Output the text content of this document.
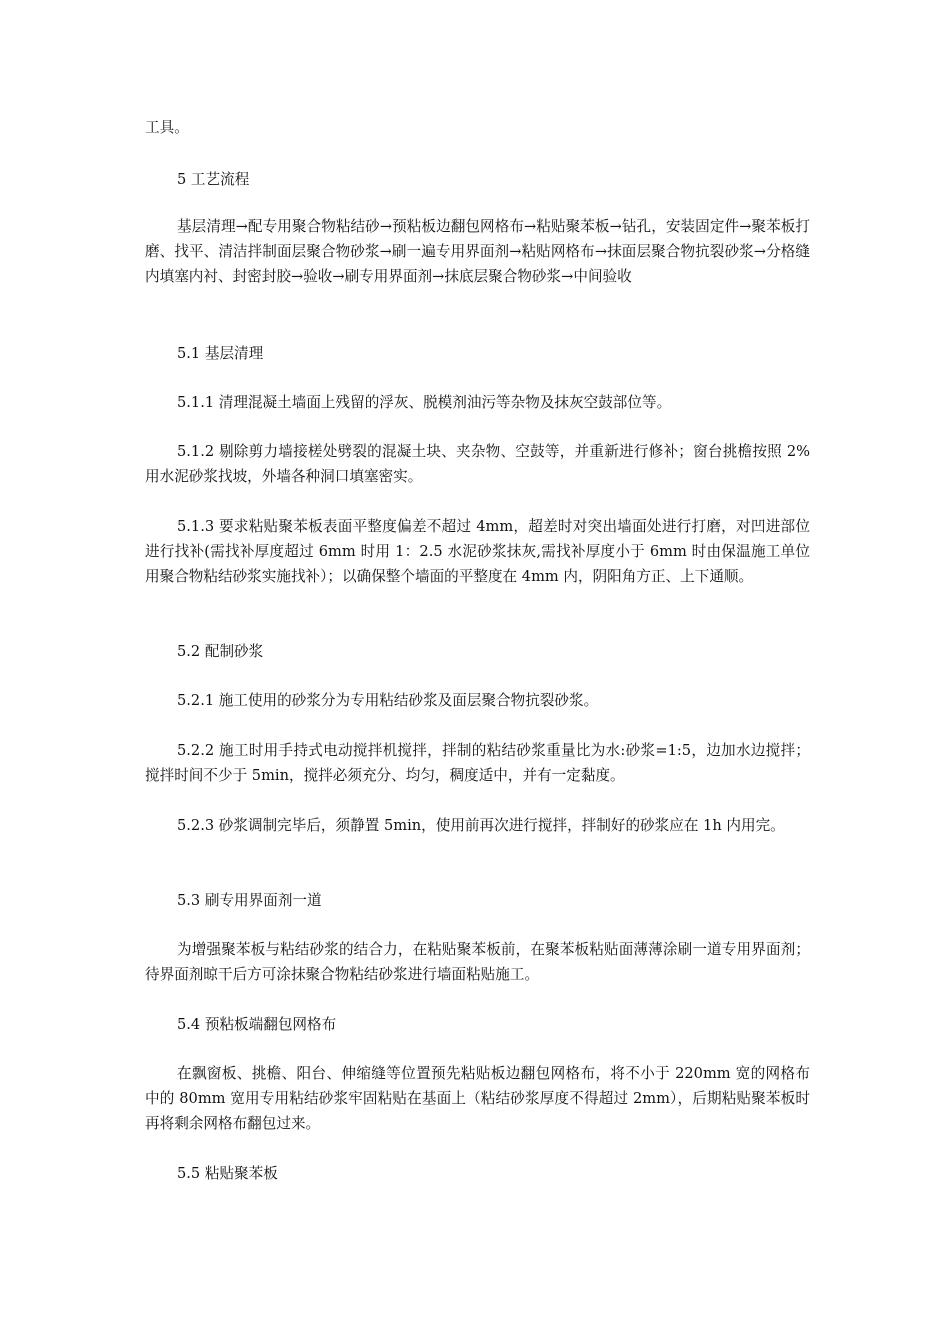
工具。

5 工艺流程

基层清理→配专用聚合物粘结砂→预粘板边翻包网格布→粘贴聚苯板→钻孔，安装固定件→聚苯板打磨、找平、清洁拌制面层聚合物砂浆→刷一遍专用界面剂→粘贴网格布→抹面层聚合物抗裂砂浆→分格缝内填塞内衬、封密封胶→验收→刷专用界面剂→抹底层聚合物砂浆→中间验收

5.1 基层清理

5.1.1 清理混凝土墙面上残留的浮灰、脱模剂油污等杂物及抹灰空鼓部位等。

5.1.2 剔除剪力墙接槎处劈裂的混凝土块、夹杂物、空鼓等，并重新进行修补；窗台挑檐按照 2%用水泥砂浆找坡，外墙各种洞口填塞密实。

5.1.3 要求粘贴聚苯板表面平整度偏差不超过 4mm，超差时对突出墙面处进行打磨，对凹进部位进行找补(需找补厚度超过 6mm 时用 1：2.5 水泥砂浆抹灰,需找补厚度小于 6mm 时由保温施工单位用聚合物粘结砂浆实施找补）；以确保整个墙面的平整度在 4mm 内，阴阳角方正、上下通顺。

5.2 配制砂浆

5.2.1 施工使用的砂浆分为专用粘结砂浆及面层聚合物抗裂砂浆。

5.2.2 施工时用手持式电动搅拌机搅拌，拌制的粘结砂浆重量比为水:砂浆=1:5，边加水边搅拌；搅拌时间不少于 5min，搅拌必须充分、均匀，稠度适中，并有一定黏度。

5.2.3 砂浆调制完毕后，须静置 5min，使用前再次进行搅拌，拌制好的砂浆应在 1h 内用完。

5.3 刷专用界面剂一道

为增强聚苯板与粘结砂浆的结合力，在粘贴聚苯板前，在聚苯板粘贴面薄薄涂刷一道专用界面剂；待界面剂晾干后方可涂抹聚合物粘结砂浆进行墙面粘贴施工。

5.4 预粘板端翻包网格布

在飘窗板、挑檐、阳台、伸缩缝等位置预先粘贴板边翻包网格布，将不小于 220mm 宽的网格布中的 80mm 宽用专用粘结砂浆牢固粘贴在基面上（粘结砂浆厚度不得超过 2mm），后期粘贴聚苯板时再将剩余网格布翻包过来。

5.5 粘贴聚苯板
